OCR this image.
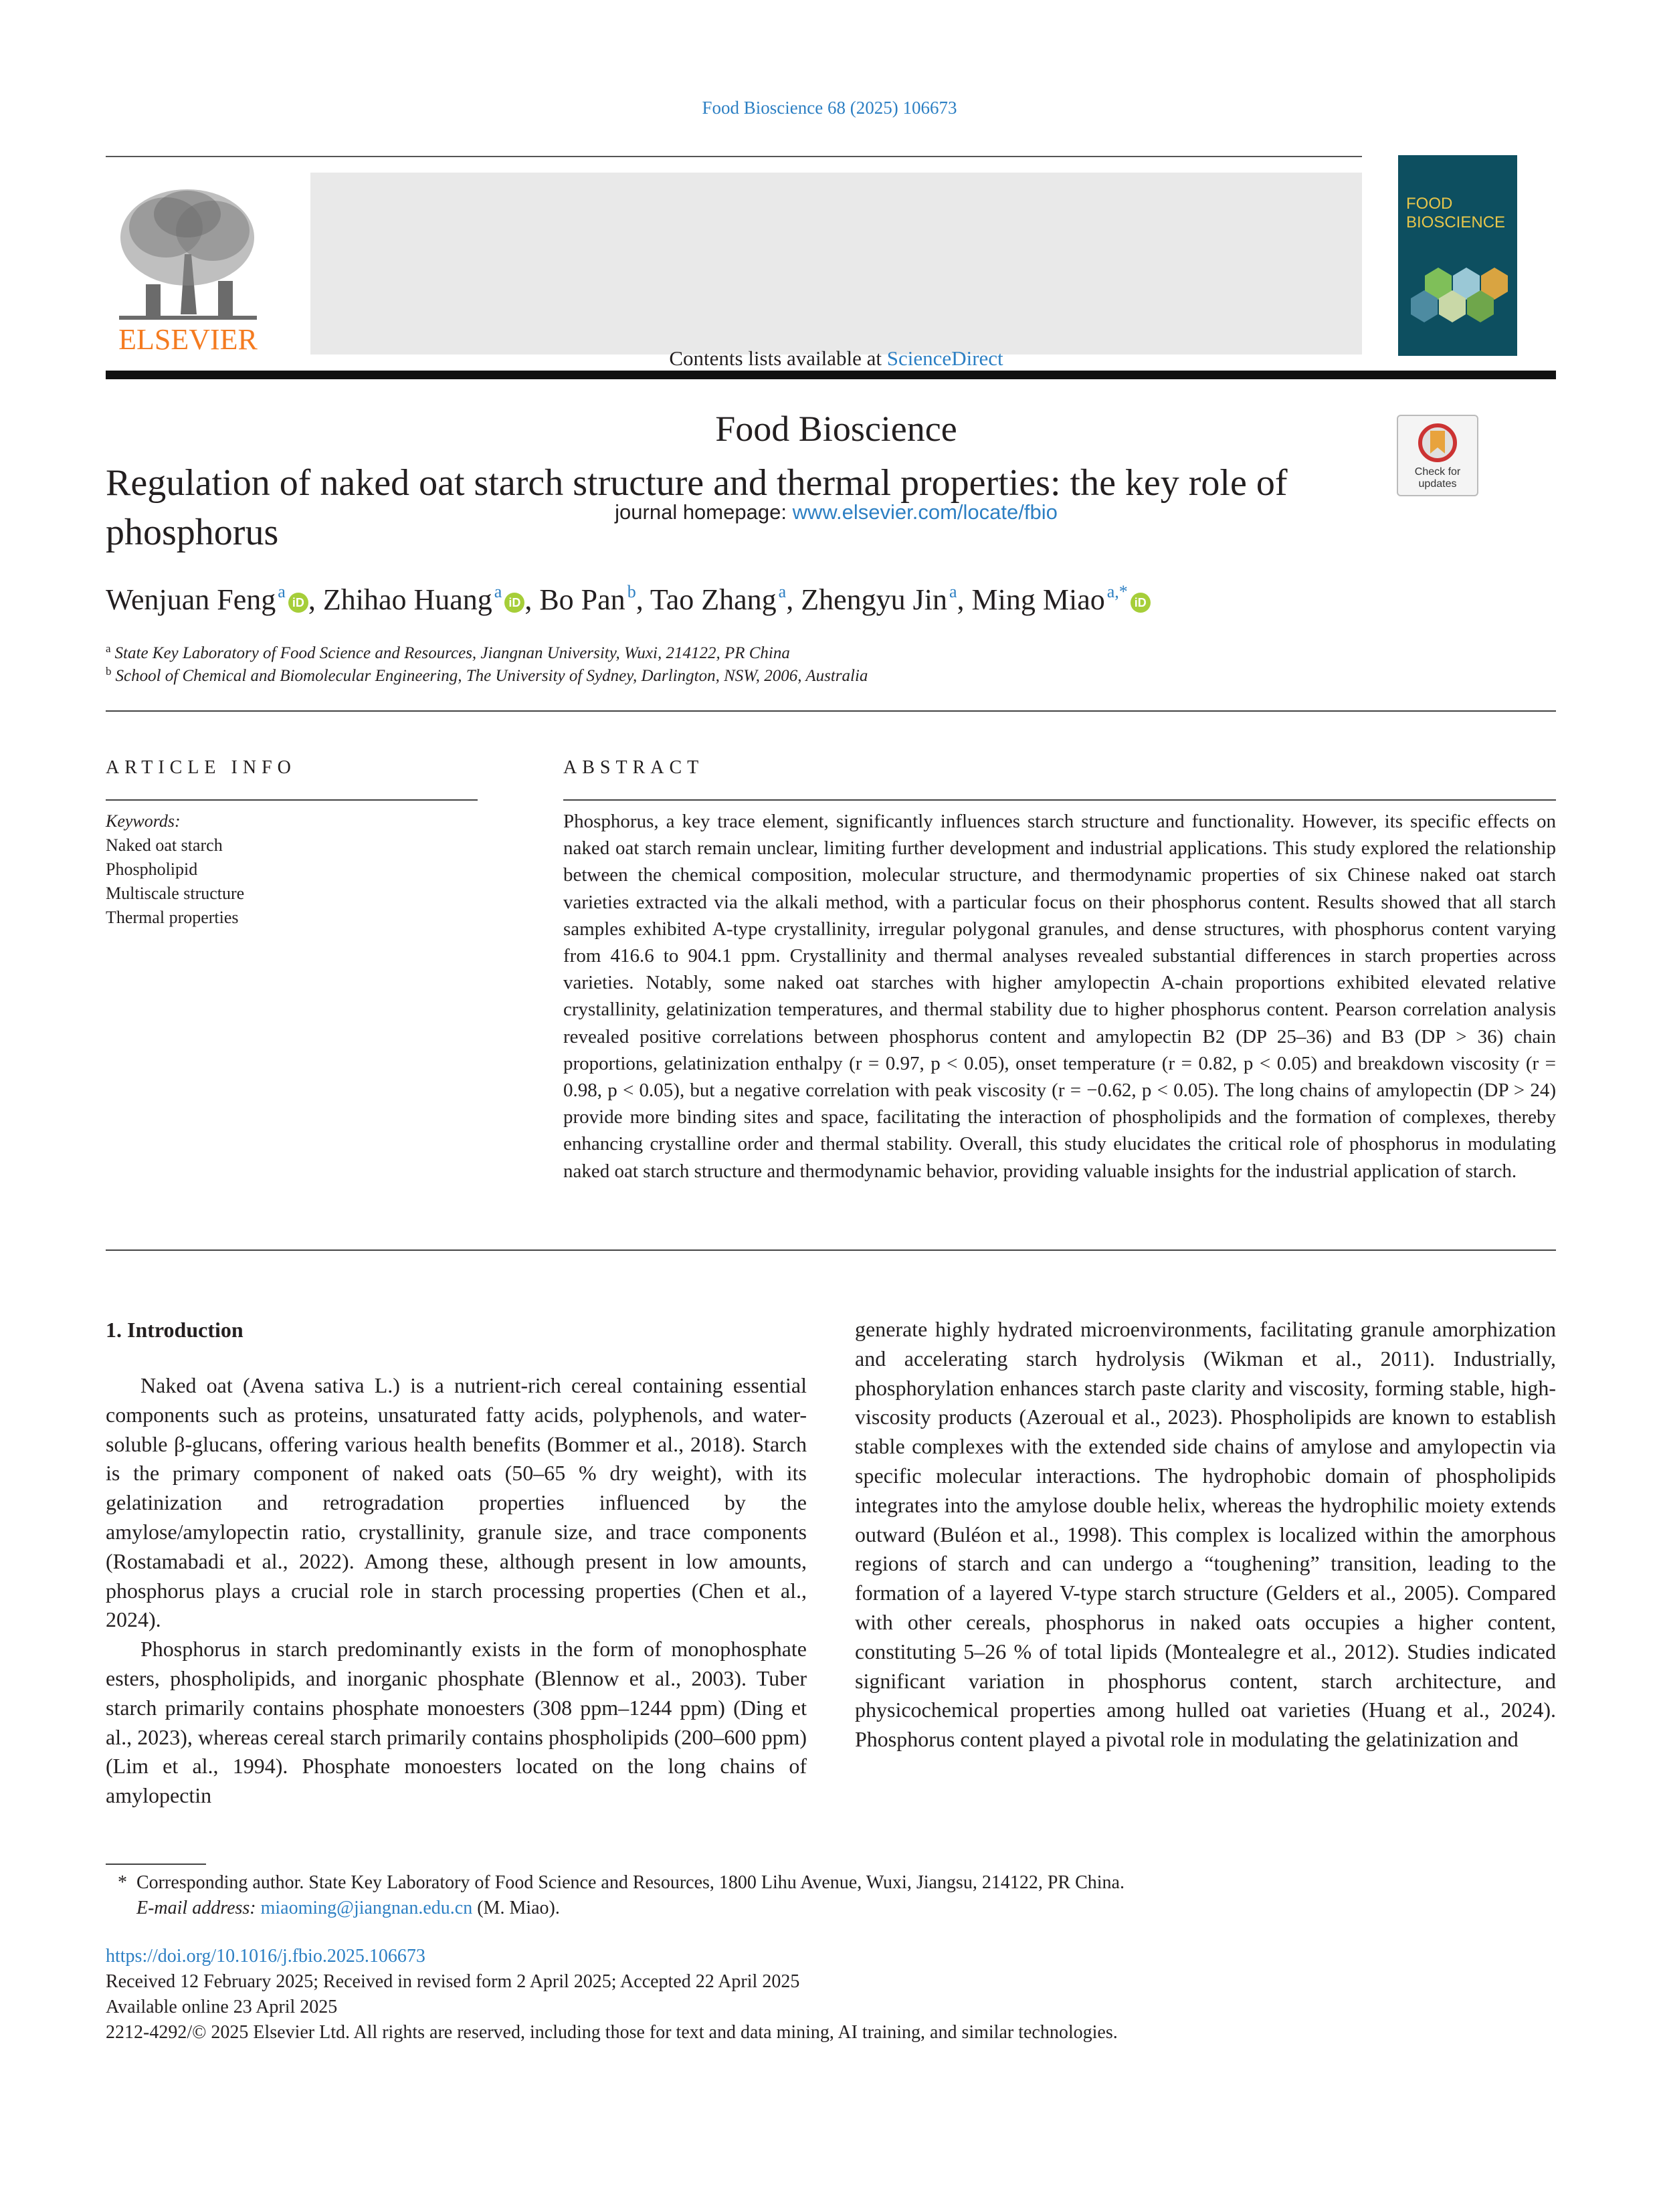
Food Bioscience 68 (2025) 106673
ELSEVIER
Contents lists available at ScienceDirect
Food Bioscience
journal homepage: www.elsevier.com/locate/fbio
FOOD
BIOSCIENCE
Regulation of naked oat starch structure and thermal properties: the key role of phosphorus
Check for
updates
Wenjuan Feng $^a$iD , Zhihao Huang $^a$iD , Bo Pan $^b$, Tao Zhang $^a$, Zhengyu Jin $^a$, Ming Miao $^{a,*}$iD
$^a$ State Key Laboratory of Food Science and Resources, Jiangnan University, Wuxi, 214122, PR China
$^b$ School of Chemical and Biomolecular Engineering, The University of Sydney, Darlington, NSW, 2006, Australia
ARTICLE INFO	ABSTRACT
Keywords:
Naked oat starch
Phospholipid
Multiscale structure
Thermal properties
Phosphorus, a key trace element, significantly influences starch structure and functionality. However, its specific effects on naked oat starch remain unclear, limiting further development and industrial applications. This study explored the relationship between the chemical composition, molecular structure, and thermodynamic properties of six Chinese naked oat starch varieties extracted via the alkali method, with a particular focus on their phosphorus content. Results showed that all starch samples exhibited A-type crystallinity, irregular polygonal granules, and dense structures, with phosphorus content varying from 416.6 to 904.1 ppm. Crystallinity and thermal analyses revealed substantial differences in starch properties across varieties. Notably, some naked oat starches with higher amylopectin A-chain proportions exhibited elevated relative crystallinity, gelatinization temperatures, and thermal stability due to higher phosphorus content. Pearson correlation analysis revealed positive correlations between phosphorus content and amylopectin B2 (DP 25–36) and B3 (DP > 36) chain proportions, gelatinization enthalpy (r = 0.97, p < 0.05), onset temperature (r = 0.82, p < 0.05) and breakdown viscosity (r = 0.98, p < 0.05), but a negative correlation with peak viscosity (r = −0.62, p < 0.05). The long chains of amylopectin (DP > 24) provide more binding sites and space, facilitating the interaction of phospholipids and the formation of complexes, thereby enhancing crystalline order and thermal stability. Overall, this study elucidates the critical role of phosphorus in modulating naked oat starch structure and thermodynamic behavior, providing valuable insights for the industrial application of starch.
1. Introduction

Naked oat (Avena sativa L.) is a nutrient-rich cereal containing essential components such as proteins, unsaturated fatty acids, polyphenols, and water-soluble β-glucans, offering various health benefits (Bommer et al., 2018). Starch is the primary component of naked oats (50–65 % dry weight), with its gelatinization and retrogradation properties influenced by the amylose/amylopectin ratio, crystallinity, granule size, and trace components (Rostamabadi et al., 2022). Among these, although present in low amounts, phosphorus plays a crucial role in starch processing properties (Chen et al., 2024).

Phosphorus in starch predominantly exists in the form of monophosphate esters, phospholipids, and inorganic phosphate (Blennow et al., 2003). Tuber starch primarily contains phosphate monoesters (308 ppm–1244 ppm) (Ding et al., 2023), whereas cereal starch primarily contains phospholipids (200–600 ppm) (Lim et al., 1994). Phosphate monoesters located on the long chains of amylopectin

generate highly hydrated microenvironments, facilitating granule amorphization and accelerating starch hydrolysis (Wikman et al., 2011). Industrially, phosphorylation enhances starch paste clarity and viscosity, forming stable, high-viscosity products (Azeroual et al., 2023). Phospholipids are known to establish stable complexes with the extended side chains of amylose and amylopectin via specific molecular interactions. The hydrophobic domain of phospholipids integrates into the amylose double helix, whereas the hydrophilic moiety extends outward (Buléon et al., 1998). This complex is localized within the amorphous regions of starch and can undergo a “toughening” transition, leading to the formation of a layered V-type starch structure (Gelders et al., 2005). Compared with other cereals, phosphorus in naked oats occupies a higher content, constituting 5–26 % of total lipids (Montealegre et al., 2012). Studies indicated significant variation in phosphorus content, starch architecture, and physicochemical properties among hulled oat varieties (Huang et al., 2024). Phosphorus content played a pivotal role in modulating the gelatinization and

* Corresponding author. State Key Laboratory of Food Science and Resources, 1800 Lihu Avenue, Wuxi, Jiangsu, 214122, PR China.
E-mail address: miaoming@jiangnan.edu.cn (M. Miao).
https://doi.org/10.1016/j.fbio.2025.106673
Received 12 February 2025; Received in revised form 2 April 2025; Accepted 22 April 2025
Available online 23 April 2025
2212-4292/© 2025 Elsevier Ltd. All rights are reserved, including those for text and data mining, AI training, and similar technologies.
